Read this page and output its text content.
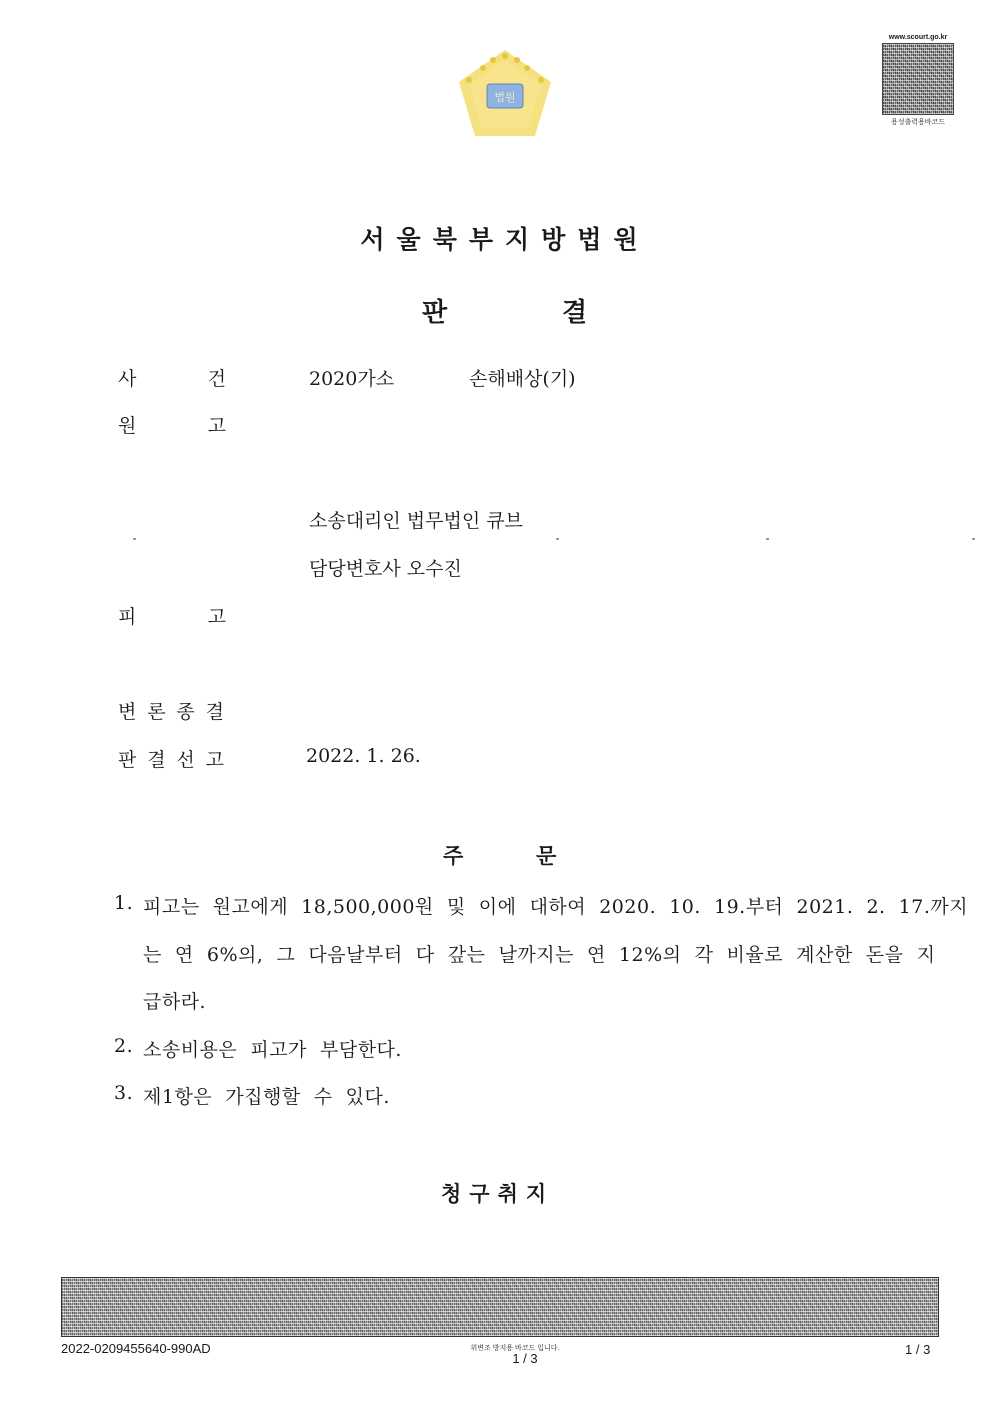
법원
www.scourt.go.kr
용성출력용바코드
서울북부지방법원
판	결
사	건	2020가소	손해배상(기)
원	고
소송대리인 법무법인 큐브
담당변호사 오수진
피	고
변 론 종 결
판 결 선 고	2022. 1. 26.
주	문
1. 피고는  원고에게  18,500,000원  및  이에  대하여  2020.  10.  19.부터  2021.  2.  17.까지
는  연  6%의,  그  다음날부터  다  갚는  날까지는  연  12%의  각  비율로  계산한  돈을  지
급하라.
2. 소송비용은  피고가  부담한다.
3. 제1항은  가집행할  수  있다.
청구취지
2022-0209455640-990AD	위변조 방지용 바코드 입니다.
1 / 3
1 / 3
